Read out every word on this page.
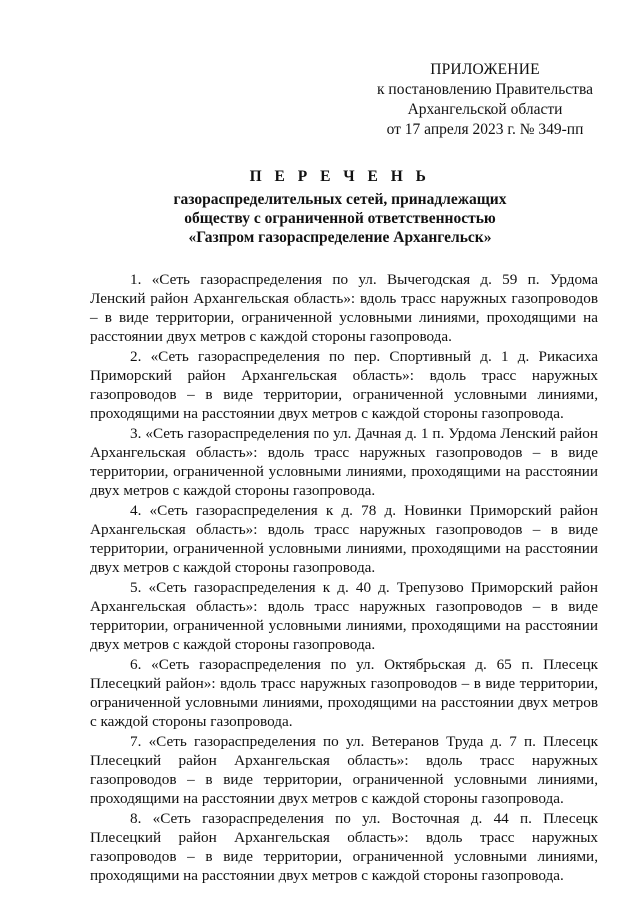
ПРИЛОЖЕНИЕ
к постановлению Правительства
Архангельской области
от 17 апреля 2023 г. № 349-пп
П Е Р Е Ч Е Н Ь
газораспределительных сетей, принадлежащих
обществу с ограниченной ответственностью
«Газпром газораспределение Архангельск»

1. «Сеть газораспределения по ул. Вычегодская д. 59 п. Урдома Ленский район Архангельская область»: вдоль трасс наружных газопроводов – в виде территории, ограниченной условными линиями, проходящими на расстоянии двух метров с каждой стороны газопровода.

2. «Сеть газораспределения по пер. Спортивный д. 1 д. Рикасиха Приморский район Архангельская область»: вдоль трасс наружных газопроводов – в виде территории, ограниченной условными линиями, проходящими на расстоянии двух метров с каждой стороны газопровода.

3. «Сеть газораспределения по ул. Дачная д. 1 п. Урдома Ленский район Архангельская область»: вдоль трасс наружных газопроводов – в виде территории, ограниченной условными линиями, проходящими на расстоянии двух метров с каждой стороны газопровода.

4. «Сеть газораспределения к д. 78 д. Новинки Приморский район Архангельская область»: вдоль трасс наружных газопроводов – в виде территории, ограниченной условными линиями, проходящими на расстоянии двух метров с каждой стороны газопровода.

5. «Сеть газораспределения к д. 40 д. Трепузово Приморский район Архангельская область»: вдоль трасс наружных газопроводов – в виде территории, ограниченной условными линиями, проходящими на расстоянии двух метров с каждой стороны газопровода.

6. «Сеть газораспределения по ул. Октябрьская д. 65 п. Плесецк Плесецкий район»: вдоль трасс наружных газопроводов – в виде территории, ограниченной условными линиями, проходящими на расстоянии двух метров с каждой стороны газопровода.

7. «Сеть газораспределения по ул. Ветеранов Труда д. 7 п. Плесецк Плесецкий район Архангельская область»: вдоль трасс наружных газопроводов – в виде территории, ограниченной условными линиями, проходящими на расстоянии двух метров с каждой стороны газопровода.

8. «Сеть газораспределения по ул. Восточная д. 44 п. Плесецк Плесецкий район Архангельская область»: вдоль трасс наружных газопроводов – в виде территории, ограниченной условными линиями, проходящими на расстоянии двух метров с каждой стороны газопровода.
